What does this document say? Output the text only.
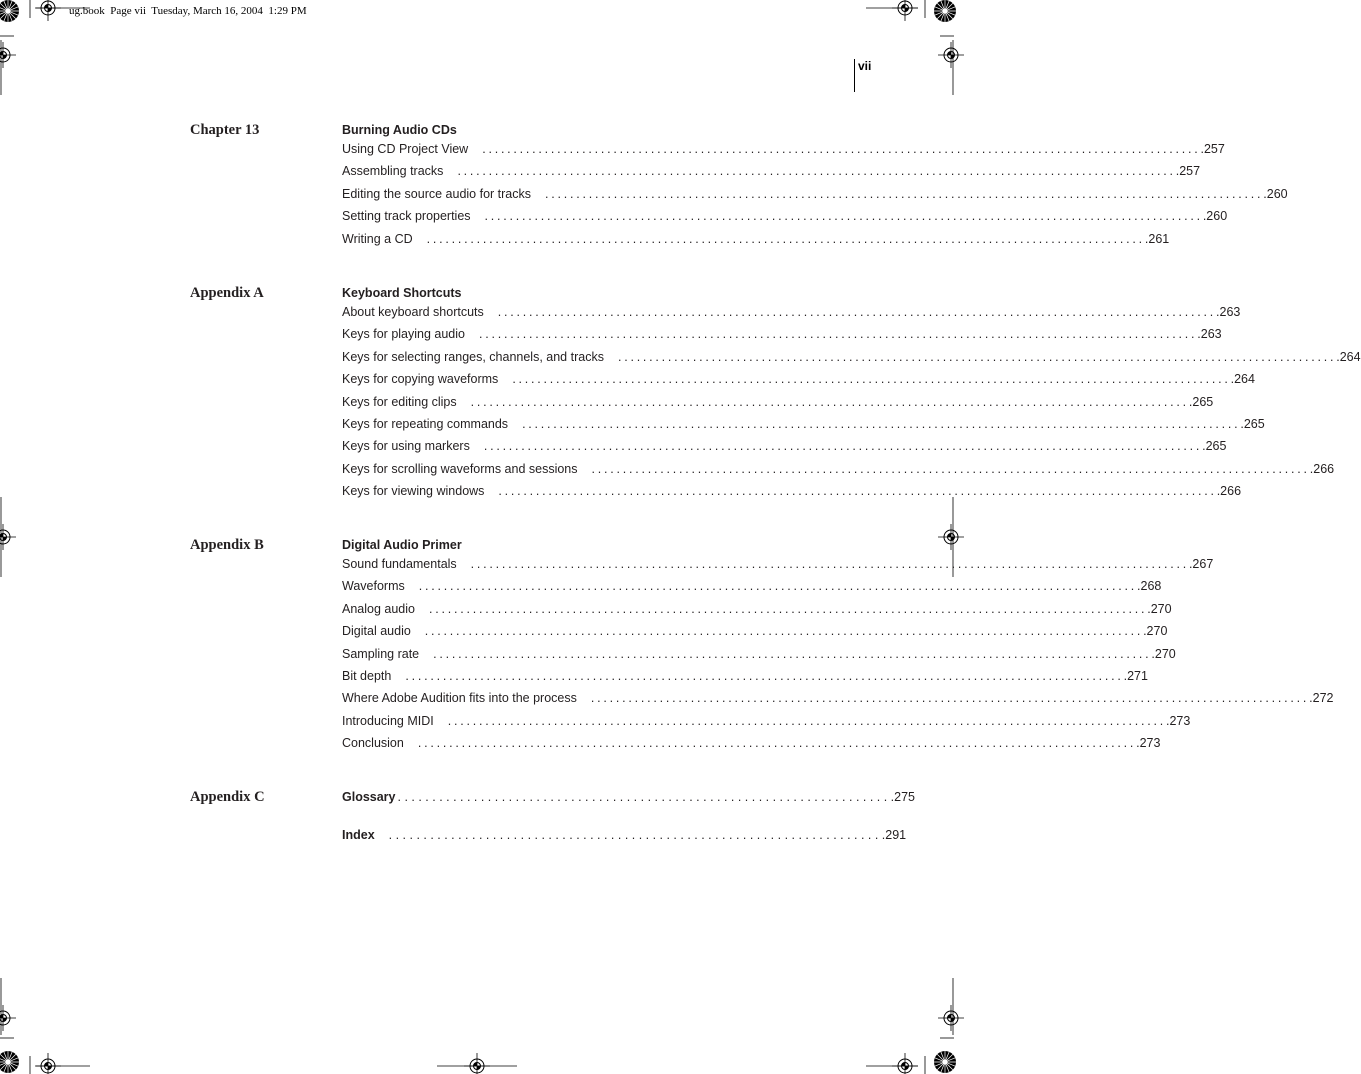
ug.book  Page vii  Tuesday, March 16, 2004  1:29 PM
vii
Chapter 13	Burning Audio CDs
Using CD Project View . . .	257
Assembling tracks . . .	257
Editing the source audio for tracks . . .	260
Setting track properties . . .	260
Writing a CD . . .	261
Appendix A	Keyboard Shortcuts
About keyboard shortcuts . . .	263
Keys for playing audio . . .	263
Keys for selecting ranges, channels, and tracks . . .	264
Keys for copying waveforms . . .	264
Keys for editing clips . . .	265
Keys for repeating commands . . .	265
Keys for using markers . . .	265
Keys for scrolling waveforms and sessions . . .	266
Keys for viewing windows . . .	266
Appendix B	Digital Audio Primer
Sound fundamentals . . .	267
Waveforms . . .	268
Analog audio . . .	270
Digital audio . . .	270
Sampling rate . . .	270
Bit depth . . .	271
Where Adobe Audition fits into the process . . .	272
Introducing MIDI . . .	273
Conclusion . . .	273
Appendix C	Glossary . . . . . . . . . . . . . . . . . . . . . . . . . . . . . . . . . . . . . . . . . . . . . . . . . . . . . . . . . . . . . . . . . . . . . . . . 275
Index . . . . . . . . . . . . . . . . . . . . . . . . . . . . . . . . . . . . . . . . . . . . . . . . . . . . . . . . . . . . . . . . . . . . . . . . 291
